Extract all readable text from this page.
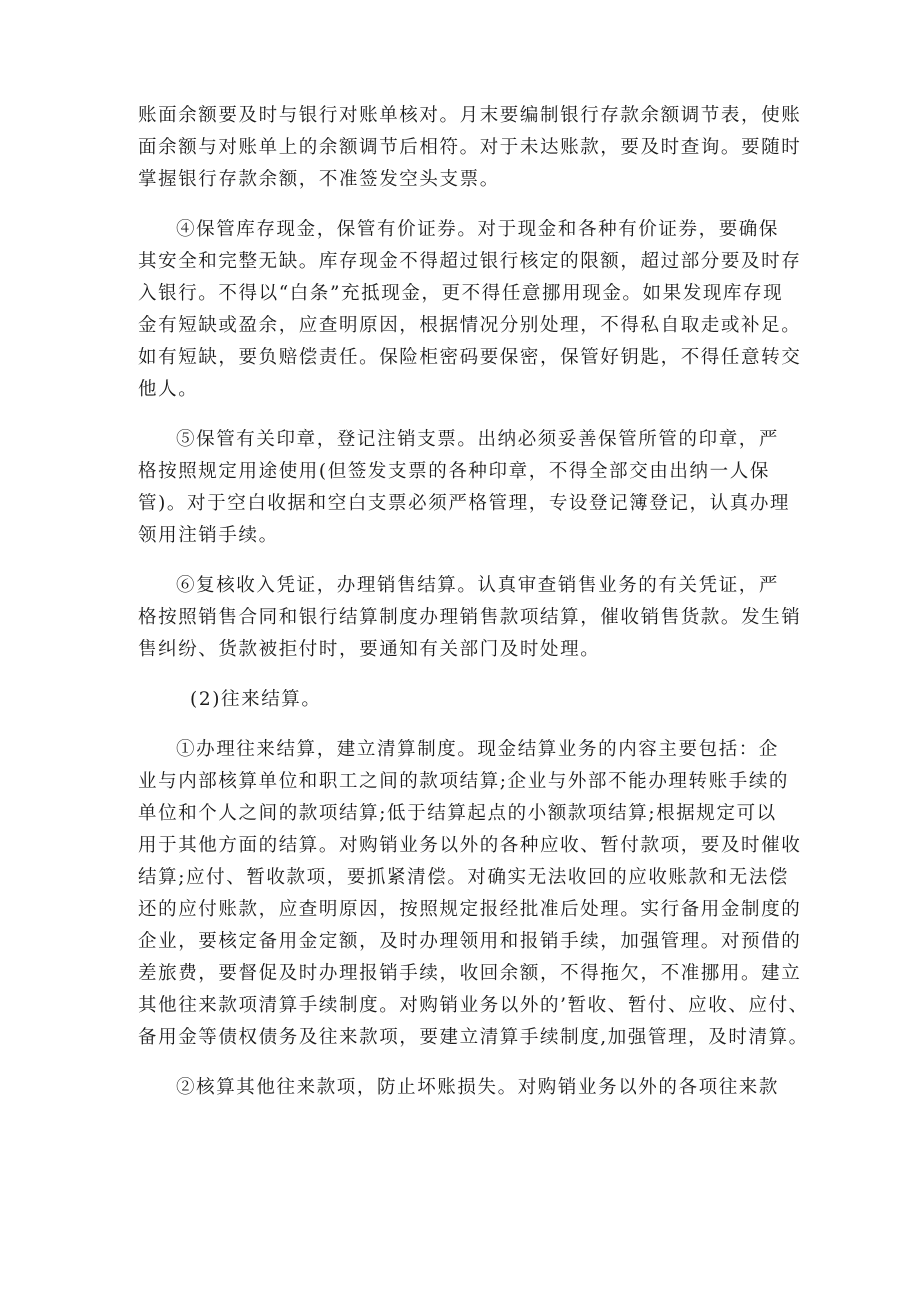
账面余额要及时与银行对账单核对。月末要编制银行存款余额调节表，使账
面余额与对账单上的余额调节后相符。对于未达账款，要及时查询。要随时
掌握银行存款余额，不准签发空头支票。
④保管库存现金，保管有价证券。对于现金和各种有价证券，要确保
其安全和完整无缺。库存现金不得超过银行核定的限额，超过部分要及时存
入银行。不得以“白条”充抵现金，更不得任意挪用现金。如果发现库存现
金有短缺或盈余，应查明原因，根据情况分别处理，不得私自取走或补足。
如有短缺，要负赔偿责任。保险柜密码要保密，保管好钥匙，不得任意转交
他人。
⑤保管有关印章，登记注销支票。出纳必须妥善保管所管的印章，严
格按照规定用途使用(但签发支票的各种印章，不得全部交由出纳一人保
管)。对于空白收据和空白支票必须严格管理，专设登记簿登记，认真办理
领用注销手续。
⑥复核收入凭证，办理销售结算。认真审查销售业务的有关凭证，严
格按照销售合同和银行结算制度办理销售款项结算，催收销售货款。发生销
售纠纷、货款被拒付时，要通知有关部门及时处理。
(2)往来结算。
①办理往来结算，建立清算制度。现金结算业务的内容主要包括：企
业与内部核算单位和职工之间的款项结算;企业与外部不能办理转账手续的
单位和个人之间的款项结算;低于结算起点的小额款项结算;根据规定可以
用于其他方面的结算。对购销业务以外的各种应收、暂付款项，要及时催收
结算;应付、暂收款项，要抓紧清偿。对确实无法收回的应收账款和无法偿
还的应付账款，应查明原因，按照规定报经批准后处理。实行备用金制度的
企业，要核定备用金定额，及时办理领用和报销手续，加强管理。对预借的
差旅费，要督促及时办理报销手续，收回余额，不得拖欠，不准挪用。建立
其他往来款项清算手续制度。对购销业务以外的’暂收、暂付、应收、应付、
备用金等债权债务及往来款项，要建立清算手续制度,加强管理，及时清算。
②核算其他往来款项，防止坏账损失。对购销业务以外的各项往来款
